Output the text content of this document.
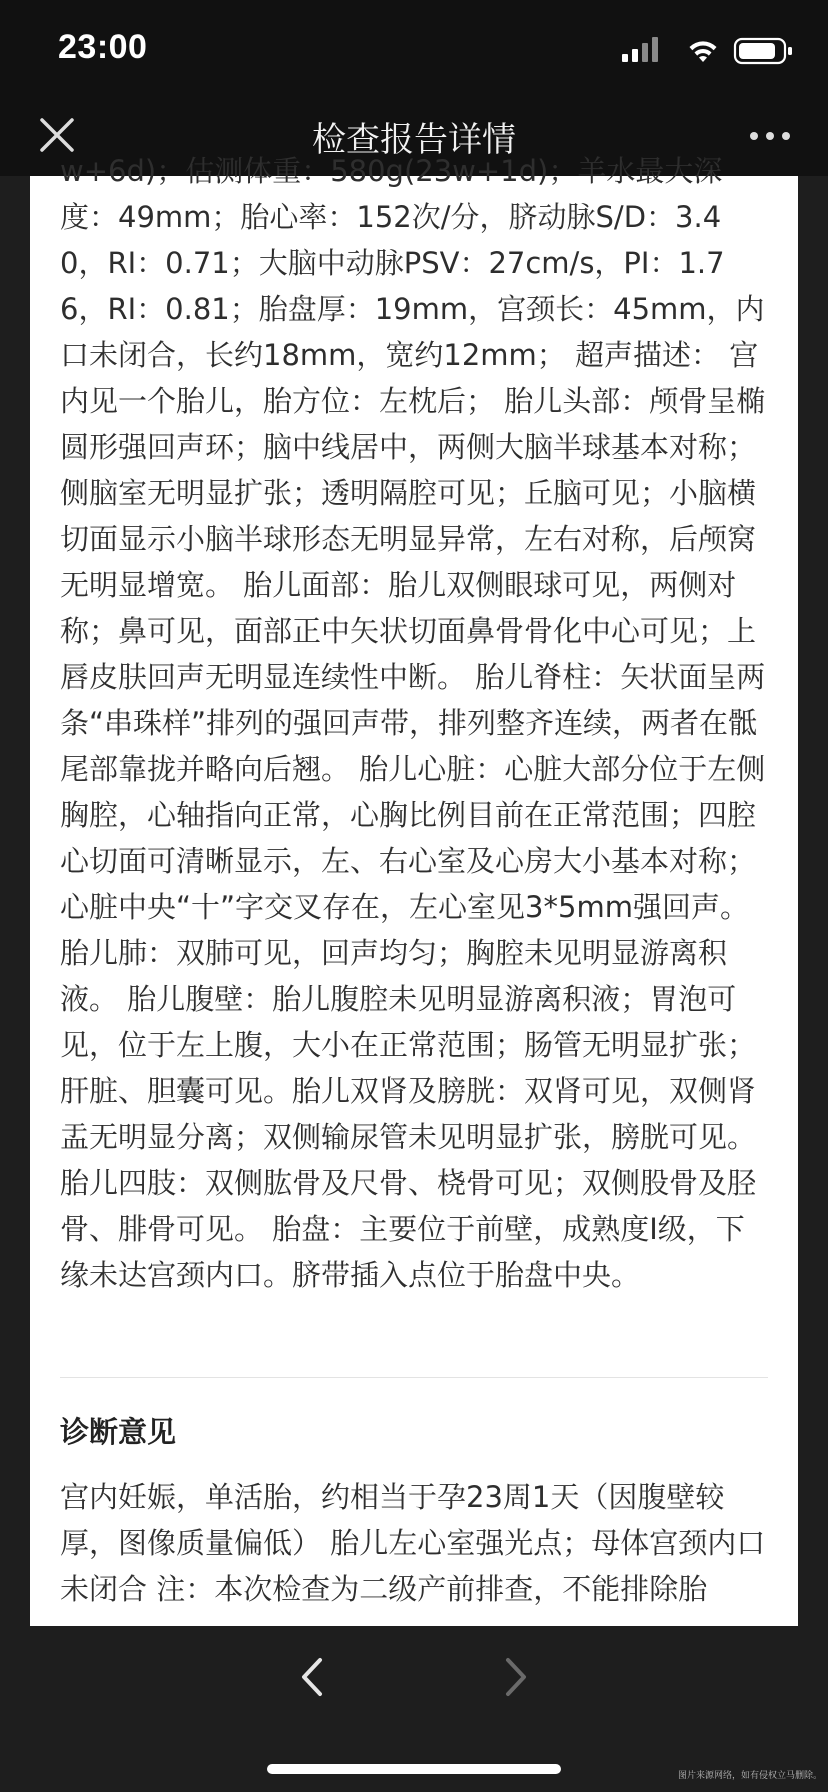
23:00
检查报告详情

w+6d)；估测体重：580g(23w+1d)；羊水最大深度：49mm；胎心率：152次/分，脐动脉S/D：3.40，RI：0.71；大脑中动脉PSV：27cm/s，PI：1.76，RI：0.81；胎盘厚：19mm，宫颈长：45mm，内口未闭合，长约18mm，宽约12mm； 超声描述： 宫内见一个胎儿，胎方位：左枕后； 胎儿头部：颅骨呈椭圆形强回声环；脑中线居中，两侧大脑半球基本对称；侧脑室无明显扩张；透明隔腔可见；丘脑可见；小脑横切面显示小脑半球形态无明显异常，左右对称，后颅窝无明显增宽。 胎儿面部：胎儿双侧眼球可见，两侧对称；鼻可见，面部正中矢状切面鼻骨骨化中心可见；上唇皮肤回声无明显连续性中断。 胎儿脊柱：矢状面呈两条“串珠样”排列的强回声带，排列整齐连续，两者在骶尾部靠拢并略向后翘。 胎儿心脏：心脏大部分位于左侧胸腔，心轴指向正常，心胸比例目前在正常范围；四腔心切面可清晰显示，左、右心室及心房大小基本对称；心脏中央“十”字交叉存在，左心室见3*5mm强回声。胎儿肺：双肺可见，回声均匀；胸腔未见明显游离积液。 胎儿腹壁：胎儿腹腔未见明显游离积液；胃泡可见，位于左上腹，大小在正常范围；肠管无明显扩张；肝脏、胆囊可见。胎儿双肾及膀胱：双肾可见，双侧肾盂无明显分离；双侧输尿管未见明显扩张，膀胱可见。 胎儿四肢：双侧肱骨及尺骨、桡骨可见；双侧股骨及胫骨、腓骨可见。 胎盘：主要位于前壁，成熟度I级，下缘未达宫颈内口。脐带插入点位于胎盘中央。

诊断意见

宫内妊娠，单活胎，约相当于孕23周1天（因腹壁较厚，图像质量偏低） 胎儿左心室强光点；母体宫颈内口未闭合 注：本次检查为二级产前排查，不能排除胎

图片来源网络，如有侵权立马删除。
